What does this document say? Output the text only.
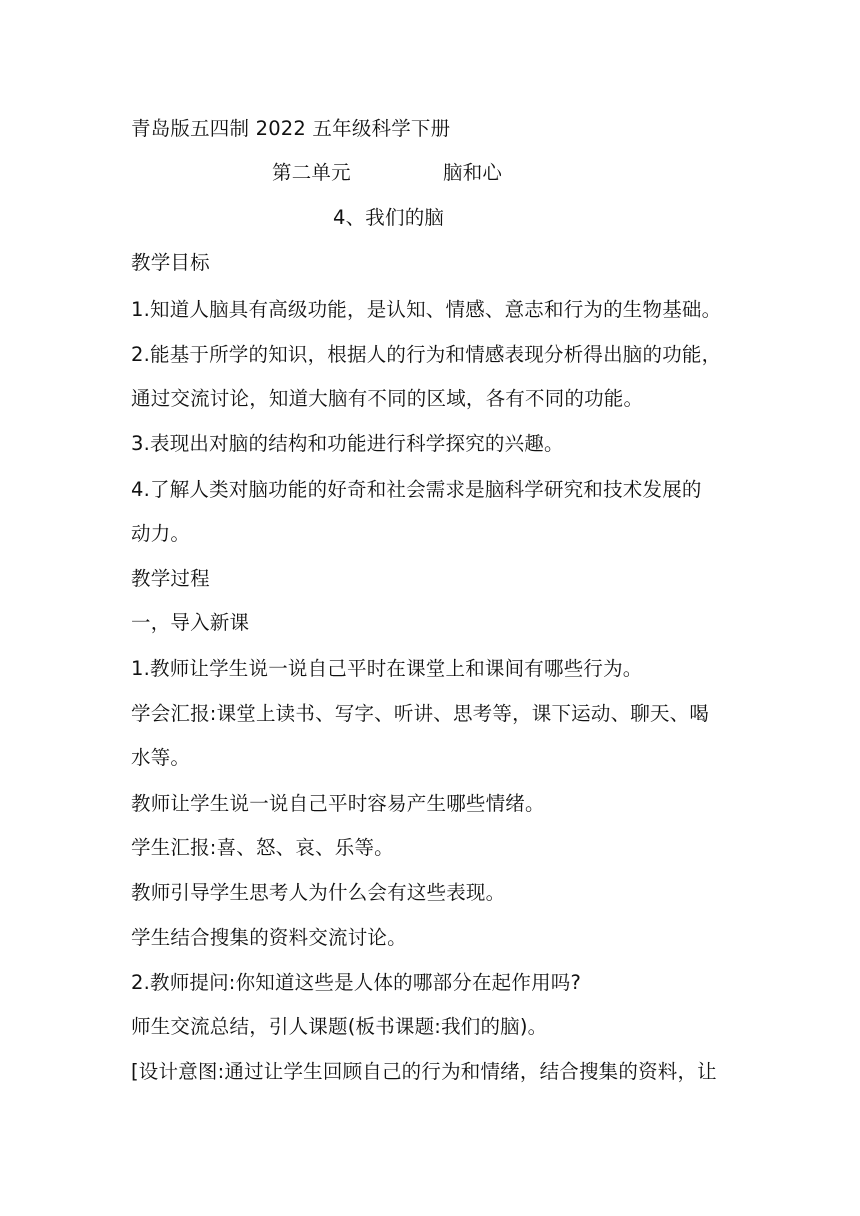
青岛版五四制 2022 五年级科学下册
第二单元	脑和心
4、我们的脑
教学目标
1.知道人脑具有高级功能，是认知、情感、意志和行为的生物基础。
2.能基于所学的知识，根据人的行为和情感表现分析得出脑的功能，
通过交流讨论，知道大脑有不同的区域，各有不同的功能。
3.表现出对脑的结构和功能进行科学探究的兴趣。
4.了解人类对脑功能的好奇和社会需求是脑科学研究和技术发展的
动力。
教学过程
一，导入新课
1.教师让学生说一说自己平时在课堂上和课间有哪些行为。
学会汇报:课堂上读书、写字、听讲、思考等，课下运动、聊天、喝
水等。
教师让学生说一说自己平时容易产生哪些情绪。
学生汇报:喜、怒、哀、乐等。
教师引导学生思考人为什么会有这些表现。
学生结合搜集的资料交流讨论。
2.教师提问:你知道这些是人体的哪部分在起作用吗?
师生交流总结，引人课题(板书课题:我们的脑)。
[设计意图:通过让学生回顾自己的行为和情绪，结合搜集的资料，让
